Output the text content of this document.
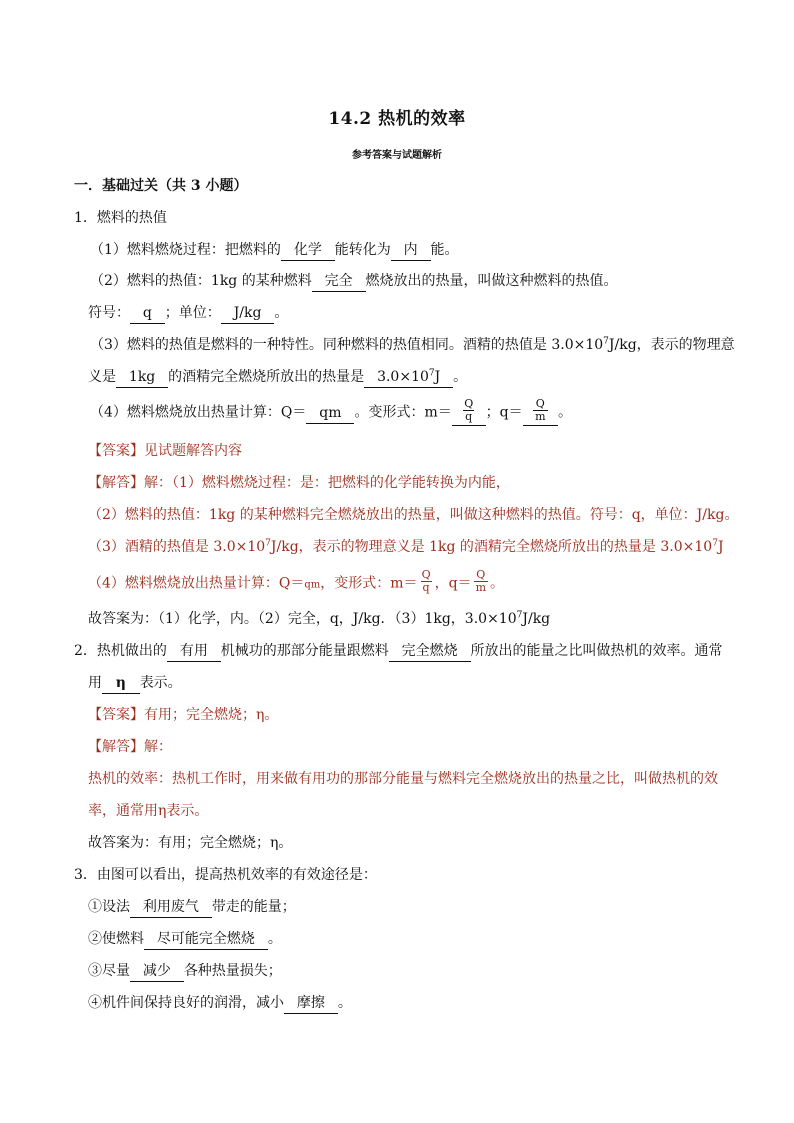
14.2 热机的效率
参考答案与试题解析
一．基础过关（共 3 小题）
1．燃料的热值
（1）燃料燃烧过程：把燃料的 化学 能转化为 内 能。
（2）燃料的热值：1kg 的某种燃料 完全 燃烧放出的热量，叫做这种燃料的热值。
符号： q ；单位： J/kg 。
（3）燃料的热值是燃料的一种特性。同种燃料的热值相同。酒精的热值是 $3.0\times 10^7J/kg$，表示的物理意
义是 1kg 的酒精完全燃烧所放出的热量是 $3.0\times 10^7J$ 。
（4）燃料燃烧放出热量计算：Q＝ qm 。变形式：$m= \frac{Q}{q}$ ；$q= \frac{Q}{m}$ 。
【答案】见试题解答内容
【解答】解：（1）燃料燃烧过程：是：把燃料的化学能转换为内能，
（2）燃料的热值：1kg 的某种燃料完全燃烧放出的热量，叫做这种燃料的热值。符号：q，单位：J/kg。
（3）酒精的热值是 $3.0\times 10^7J/kg$，表示的物理意义是 1kg 的酒精完全燃烧所放出的热量是 $3.0\times 10^7J$
（4）燃料燃烧放出热量计算：Q＝qm，变形式：$m= \frac{Q}{q}$ ，$q= \frac{Q}{m}$ 。
故答案为：（1）化学，内。（2）完全，q，J/kg．（3）1kg，$3.0\times 10^7J/kg$
2．热机做出的 有用 机械功的那部分能量跟燃料 完全燃烧 所放出的能量之比叫做热机的效率。通常
用 η 表示。
【答案】有用；完全燃烧；η。
【解答】解：
热机的效率：热机工作时，用来做有用功的那部分能量与燃料完全燃烧放出的热量之比，叫做热机的效
率，通常用η表示。
故答案为：有用；完全燃烧；η。
3．由图可以看出，提高热机效率的有效途径是：
①设法 利用废气 带走的能量；
②使燃料 尽可能完全燃烧 。
③尽量 减少 各种热量损失；
④机件间保持良好的润滑，减小 摩擦 。
